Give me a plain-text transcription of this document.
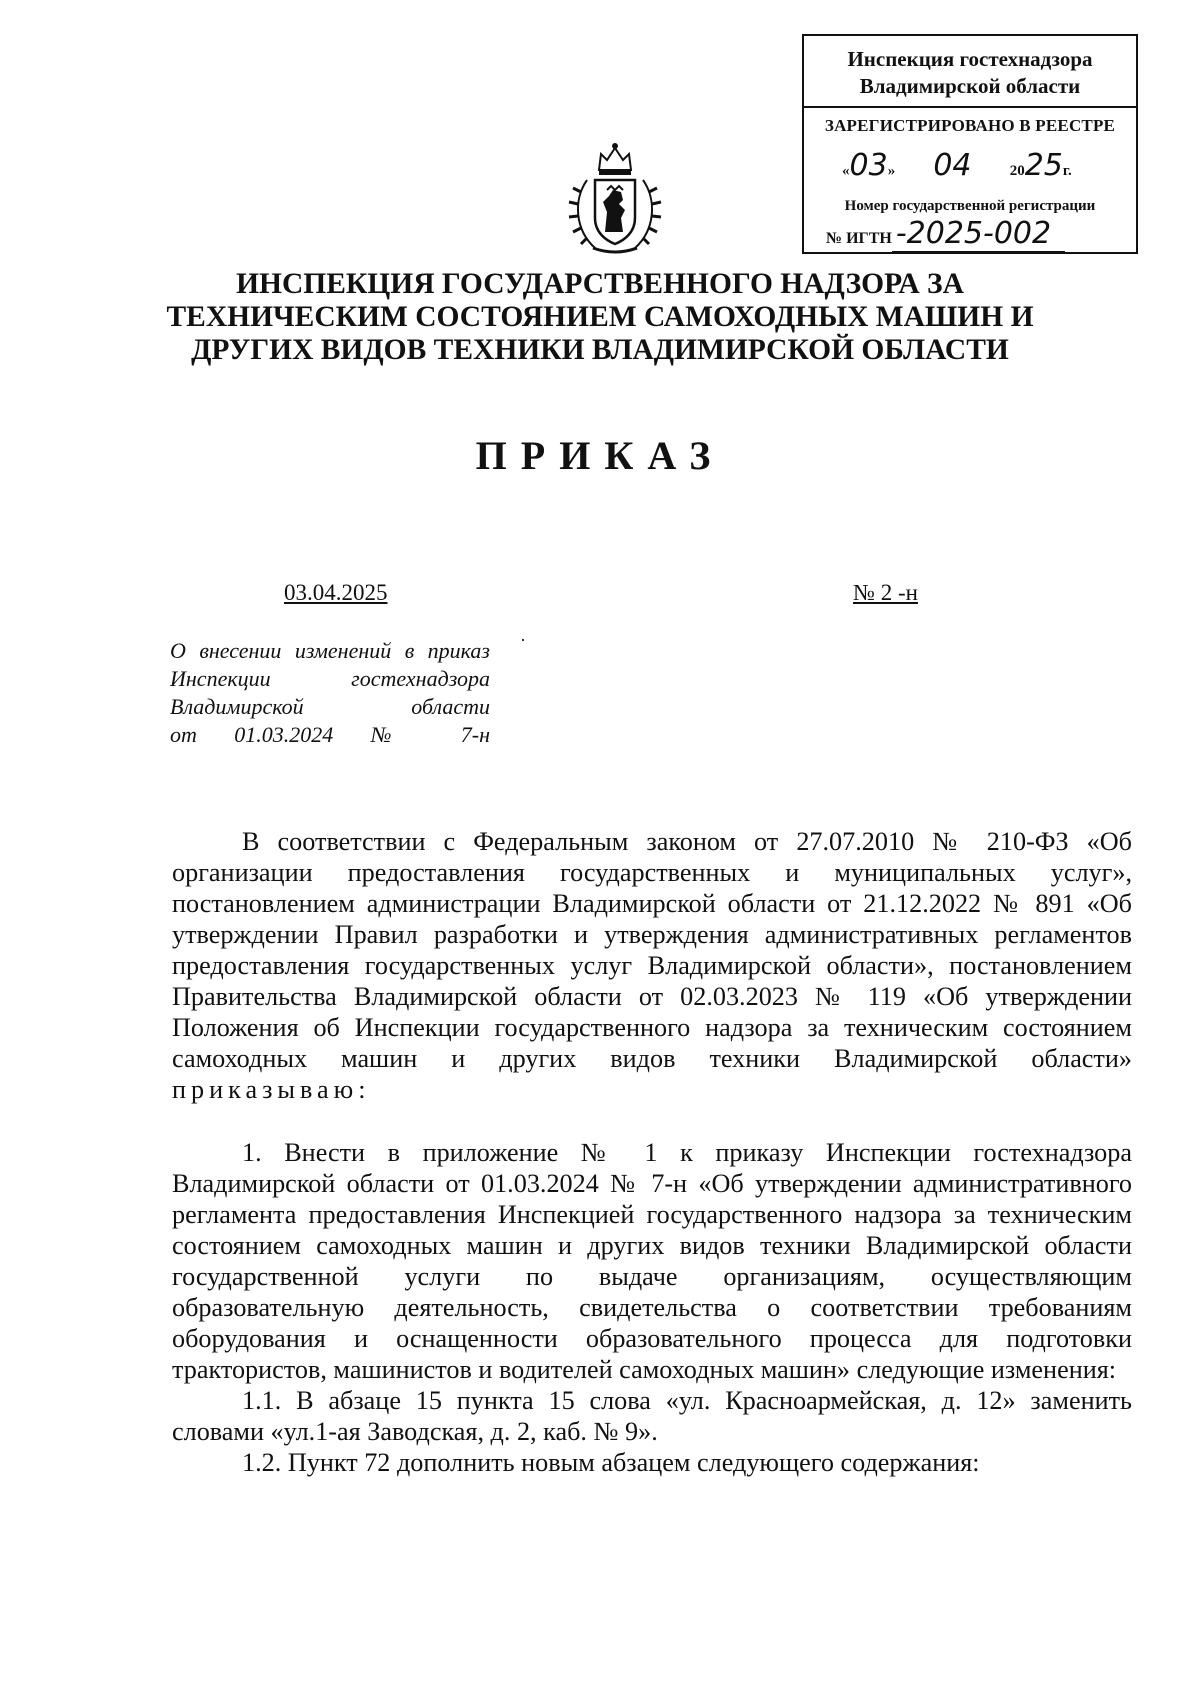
Инспекция гостехнадзора
Владимирской области
ЗАРЕГИСТРИРОВАНО В РЕЕСТРЕ
«03» 04	2025г.
Номер государственной регистрации
№ ИГТН -2025-002
ИНСПЕКЦИЯ ГОСУДАРСТВЕННОГО НАДЗОРА ЗА
ТЕХНИЧЕСКИМ СОСТОЯНИЕМ САМОХОДНЫХ МАШИН И
ДРУГИХ ВИДОВ ТЕХНИКИ ВЛАДИМИРСКОЙ ОБЛАСТИ
ПРИКАЗ
03.04.2025	№ 2 -н
О внесении изменений в приказ
Инспекции гостехнадзора
Владимирской области
от 01.03.2024 № 7-н
·

В соответствии с Федеральным законом от 27.07.2010 № 210-ФЗ «Об организации предоставления государственных и муниципальных услуг», постановлением администрации Владимирской области от 21.12.2022 № 891 «Об утверждении Правил разработки и утверждения административных регламентов предоставления государственных услуг Владимирской области», постановлением Правительства Владимирской области от 02.03.2023 № 119 «Об утверждении Положения об Инспекции государственного надзора за техническим состоянием самоходных машин и других видов техники Владимирской области» приказываю:

1. Внести в приложение № 1 к приказу Инспекции гостехнадзора Владимирской области от 01.03.2024 № 7-н «Об утверждении административного регламента предоставления Инспекцией государственного надзора за техническим состоянием самоходных машин и других видов техники Владимирской области государственной услуги по выдаче организациям, осуществляющим образовательную деятельность, свидетельства о соответствии требованиям оборудования и оснащенности образовательного процесса для подготовки трактористов, машинистов и водителей самоходных машин» следующие изменения:

1.1. В абзаце 15 пункта 15 слова «ул. Красноармейская, д. 12» заменить словами «ул.1-ая Заводская, д. 2, каб. № 9».

1.2. Пункт 72 дополнить новым абзацем следующего содержания:
